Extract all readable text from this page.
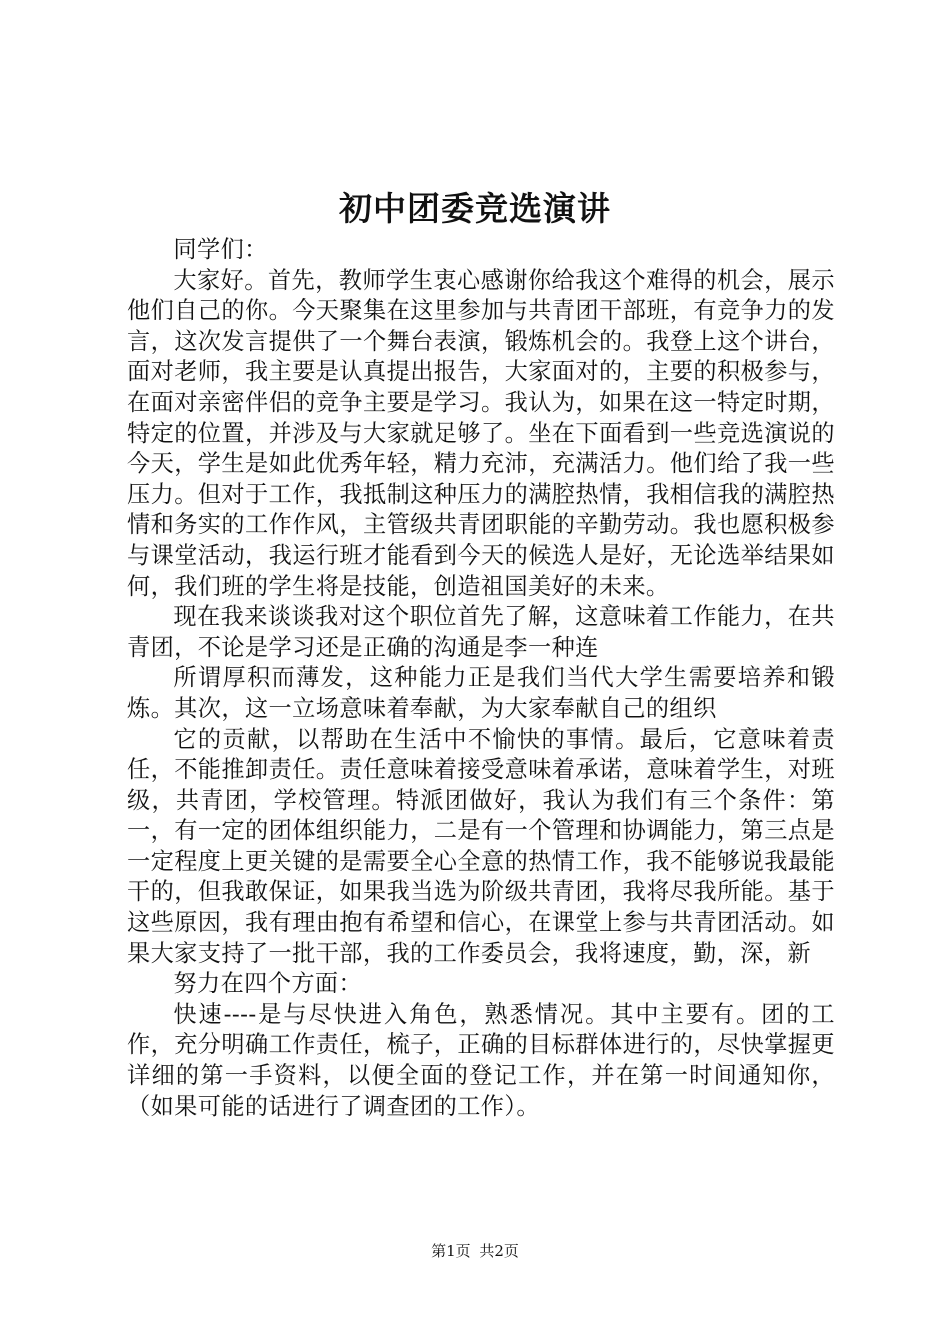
初中团委竞选演讲

同学们：

大家好。首先，教师学生衷心感谢你给我这个难得的机会，展示他们自己的你。今天聚集在这里参加与共青团干部班，有竞争力的发言，这次发言提供了一个舞台表演，锻炼机会的。我登上这个讲台，面对老师，我主要是认真提出报告，大家面对的，主要的积极参与，在面对亲密伴侣的竞争主要是学习。我认为，如果在这一特定时期，特定的位置，并涉及与大家就足够了。坐在下面看到一些竞选演说的今天，学生是如此优秀年轻，精力充沛，充满活力。他们给了我一些压力。但对于工作，我抵制这种压力的满腔热情，我相信我的满腔热情和务实的工作作风，主管级共青团职能的辛勤劳动。我也愿积极参与课堂活动，我运行班才能看到今天的候选人是好，无论选举结果如何，我们班的学生将是技能，创造祖国美好的未来。

现在我来谈谈我对这个职位首先了解，这意味着工作能力，在共青团，不论是学习还是正确的沟通是李一种连

所谓厚积而薄发，这种能力正是我们当代大学生需要培养和锻炼。其次，这一立场意味着奉献，为大家奉献自己的组织

它的贡献，以帮助在生活中不愉快的事情。最后，它意味着责任，不能推卸责任。责任意味着接受意味着承诺，意味着学生，对班级，共青团，学校管理。特派团做好，我认为我们有三个条件：第一，有一定的团体组织能力，二是有一个管理和协调能力，第三点是一定程度上更关键的是需要全心全意的热情工作，我不能够说我最能干的，但我敢保证，如果我当选为阶级共青团，我将尽我所能。基于这些原因，我有理由抱有希望和信心，在课堂上参与共青团活动。如果大家支持了一批干部，我的工作委员会，我将速度，勤，深，新

努力在四个方面：

快速----是与尽快进入角色，熟悉情况。其中主要有。团的工作，充分明确工作责任，梳子，正确的目标群体进行的，尽快掌握更详细的第一手资料，以便全面的登记工作，并在第一时间通知你，（如果可能的话进行了调查团的工作）。

第1页 共2页
